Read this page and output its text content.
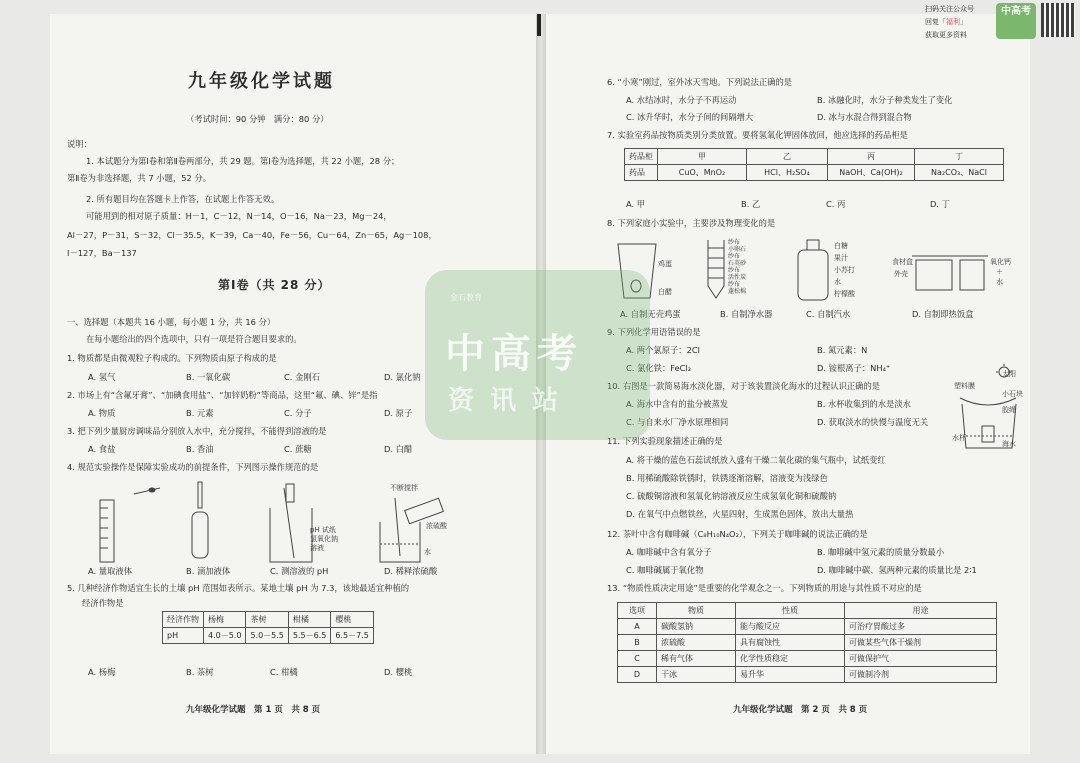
扫码关注公众号
回复「福利」
获取更多资料
中高考
九年级化学试题
（考试时间：90 分钟　满分：80 分）
说明：
1. 本试题分为第Ⅰ卷和第Ⅱ卷两部分，共 29 题。第Ⅰ卷为选择题，共 22 小题，28 分；
第Ⅱ卷为非选择题，共 7 小题，52 分。
2. 所有题目均在答题卡上作答，在试题上作答无效。
可能用到的相对原子质量：H－1，C－12，N－14，O－16，Na－23，Mg－24，
Al－27，P－31，S－32，Cl－35.5，K－39，Ca－40，Fe－56，Cu－64，Zn－65，Ag－108，
I－127，Ba－137
第Ⅰ卷（共 28 分）
一、选择题（本题共 16 小题，每小题 1 分，共 16 分）
在每小题给出的四个选项中，只有一项是符合题目要求的。
1. 物质都是由微观粒子构成的。下列物质由原子构成的是
A. 氢气	B. 一氧化碳	C. 金刚石	D. 氯化钠
2. 市场上有“含氟牙膏”、“加碘食用盐”、“加锌奶粉”等商品，这里“氟、碘、锌”是指
A. 物质	B. 元素	C. 分子	D. 原子
3. 把下列少量厨房调味品分别放入水中，充分搅拌，不能得到溶液的是
A. 食盐	B. 香油	C. 蔗糖	D. 白醋
4. 规范实验操作是保障实验成功的前提条件，下列图示操作规范的是
pH 试纸
氢氧化钠
溶液
不断搅拌
浓硫酸
水
A. 量取液体	B. 滴加液体	C. 测溶液的 pH	D. 稀释浓硫酸
5. 几种经济作物适宜生长的土壤 pH 范围如表所示。某地土壤 pH 为 7.3，该地最适宜种植的
经济作物是
经济作物	杨梅	茶树	柑橘	樱桃
pH	4.0－5.0	5.0－5.5	5.5－6.5	6.5－7.5
A. 杨梅	B. 茶树	C. 柑橘	D. 樱桃
九年级化学试题　第 1 页　共 8 页
6. “小寒”刚过，室外冰天雪地。下列说法正确的是
A. 水结冰时，水分子不再运动	B. 冰融化时，水分子种类发生了变化
C. 冰升华时，水分子间的间隔增大	D. 冰与水混合得到混合物
7. 实验室药品按物质类别分类放置。要将氢氧化钾固体放回，他应选择的药品柜是
药品柜	甲	乙	丙	丁
药品	CuO、MnO₂	HCl、H₂SO₄	NaOH、Ca(OH)₂	Na₂CO₃、NaCl
A. 甲	B. 乙	C. 丙	D. 丁
8. 下列家庭小实验中，主要涉及物理变化的是
鸡蛋
白醋
纱布
小卵石
纱布
石英砂
纱布
活性炭
纱布
蓬松棉
白糖
果汁
小苏打
水
柠檬酸
食材盒
外壳
氧化钙
＋
水
A. 自制无壳鸡蛋	B. 自制净水器	C. 自制汽水	D. 自制即热饭盒
9. 下列化学用语错误的是
A. 两个氯原子：2Cl	B. 氮元素：N
C. 氯化铁：FeCl₂	D. 铵根离子：NH₄⁺
10. 右图是一款简易海水淡化器，对于该装置淡化海水的过程认识正确的是
A. 海水中含有的盐分被蒸发	B. 水杯收集到的水是淡水
C. 与自来水厂净水原理相同	D. 获取淡水的快慢与温度无关
太阳
塑料膜
小石块
胶绳
水杯
海水
11. 下列实验现象描述正确的是
A. 将干燥的蓝色石蕊试纸放入盛有干燥二氧化碳的集气瓶中，试纸变红
B. 用稀硫酸除铁锈时，铁锈逐渐溶解，溶液变为浅绿色
C. 硫酸铜溶液和氢氧化钠溶液反应生成氢氧化铜和硫酸钠
D. 在氧气中点燃铁丝，火星四射，生成黑色固体，放出大量热
12. 茶叶中含有咖啡碱（C₈H₁₀N₄O₂），下列关于咖啡碱的说法正确的是
A. 咖啡碱中含有氧分子	B. 咖啡碱中氢元素的质量分数最小
C. 咖啡碱属于氧化物	D. 咖啡碱中碳、氢两种元素的质量比是 2∶1
13. “物质性质决定用途”是重要的化学观念之一。下列物质的用途与其性质不对应的是
选项	物质	性质	用途
A	碳酸氢钠	能与酸反应	可治疗胃酸过多
B	浓硫酸	具有腐蚀性	可做某些气体干燥剂
C	稀有气体	化学性质稳定	可做保护气
D	干冰	易升华	可做制冷剂
九年级化学试题　第 2 页　共 8 页
金石教育
中高考
资讯站
